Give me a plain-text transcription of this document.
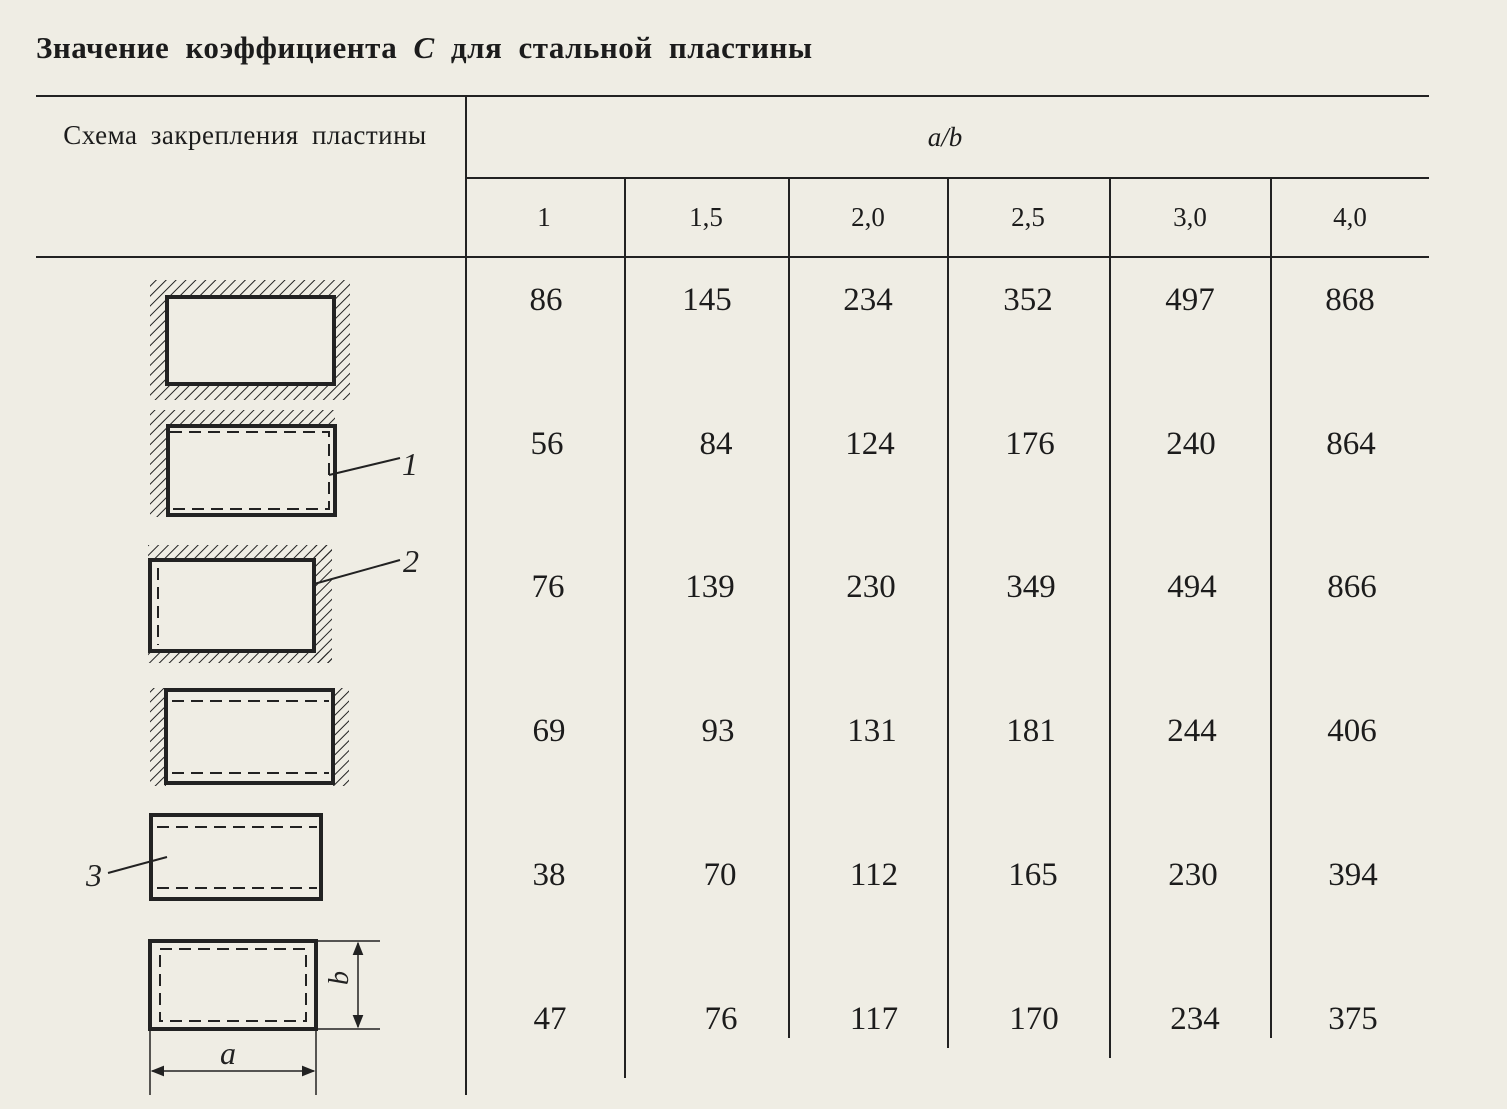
Значение коэффициента C для стальной пластины
Схема закрепления пластины	a/b
1	1,5	2,0	2,5	3,0	4,0
86	145	234	352	497	868
56	84	124	176	240	864
76	139	230	349	494	866
69	93	131	181	244	406
38	70	112	165	230	394
47	76	117	170	234	375
1
2
3
b
a
